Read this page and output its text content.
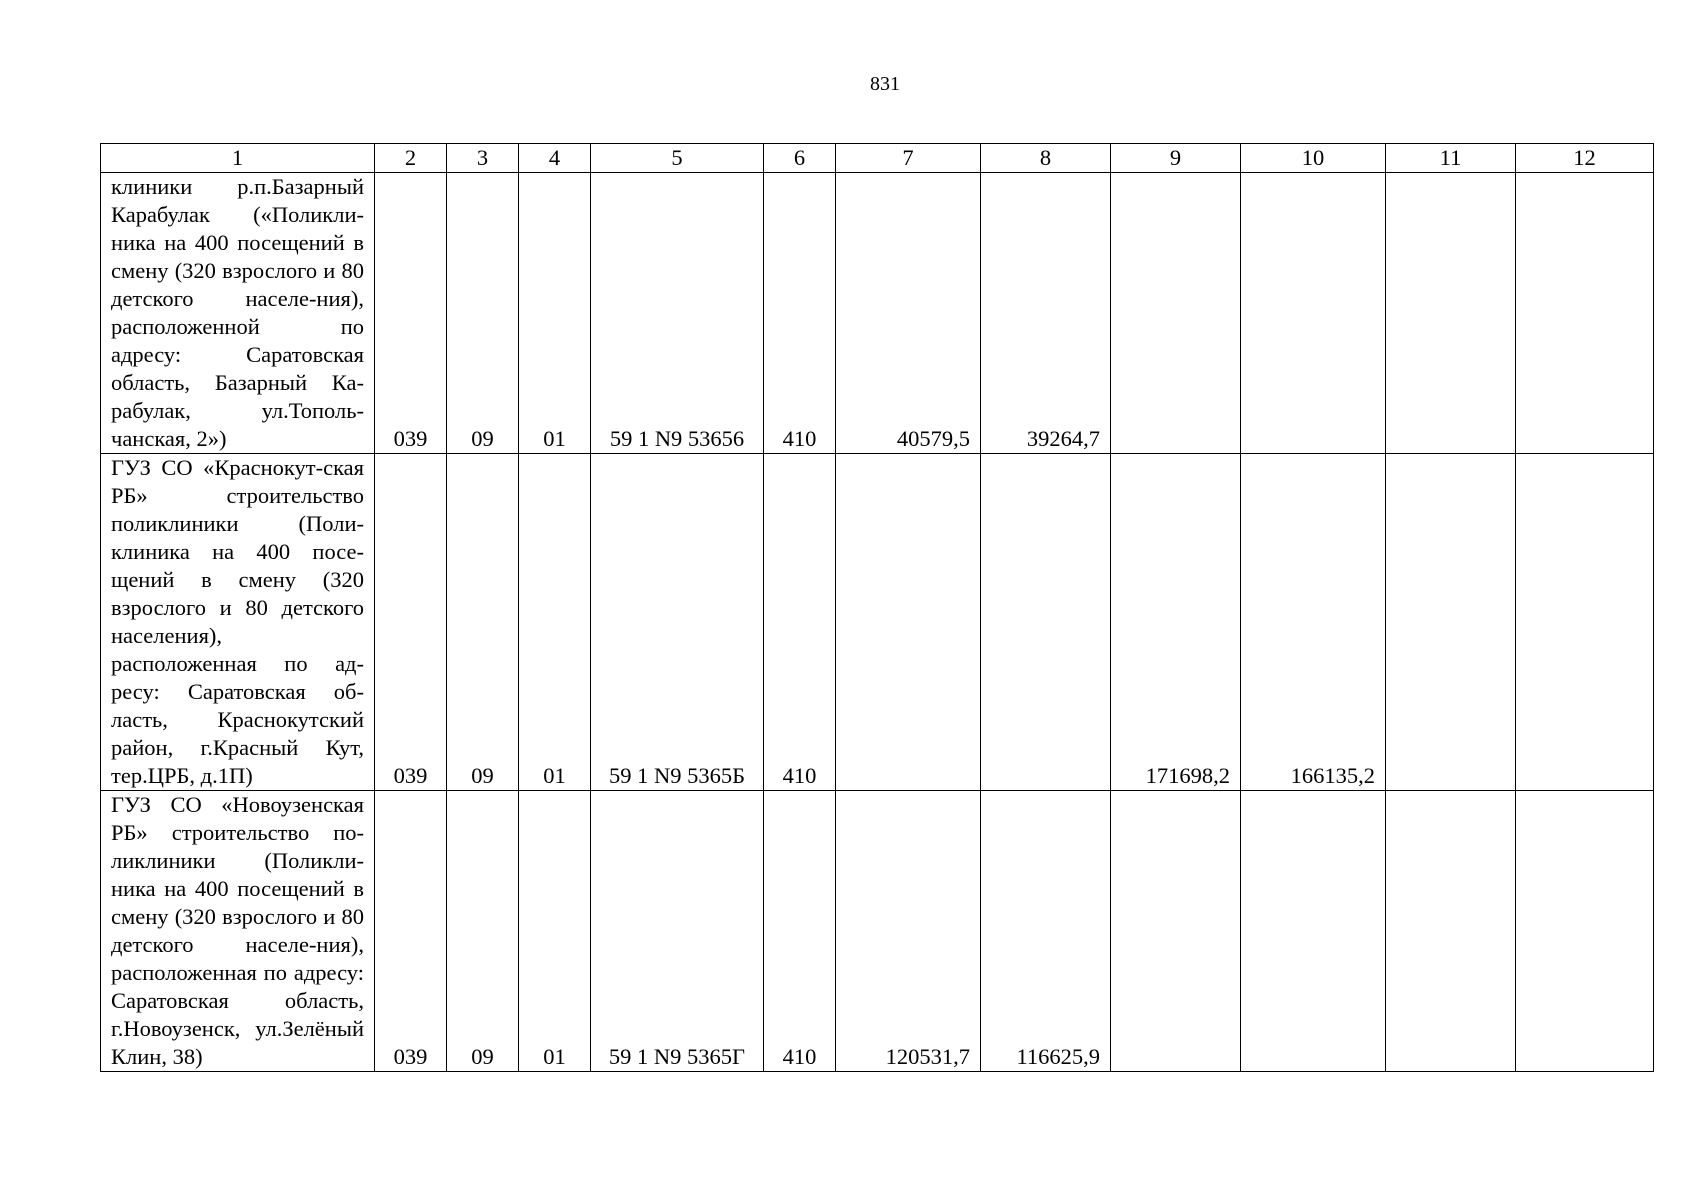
831
1	2	3	4	5	6	7	8	9	10	11	12
клиники р.п.Базарный Карабулак («Поликли-ника на 400 посещений в смену (320 взрослого и 80 детского населе-ния), расположенной по адресу: Саратовская область, Базарный Ка-рабулак, ул.Тополь-чанская, 2»)	039	09	01	59 1 N9 53656	410	40579,5	39264,7				
ГУЗ СО «Краснокут-ская РБ» строительство поликлиники (Поли-клиника на 400 посе-щений в смену (320 взрослого и 80 детского населения), расположенная по ад-ресу: Саратовская об-ласть, Краснокутский район, г.Красный Кут, тер.ЦРБ, д.1П)	039	09	01	59 1 N9 5365Б	410			171698,2	166135,2		
ГУЗ СО «Новоузенская РБ» строительство по-ликлиники (Поликли-ника на 400 посещений в смену (320 взрослого и 80 детского населе-ния), расположенная по адресу: Саратовская область, г.Новоузенск, ул.Зелёный Клин, 38)	039	09	01	59 1 N9 5365Г	410	120531,7	116625,9				
